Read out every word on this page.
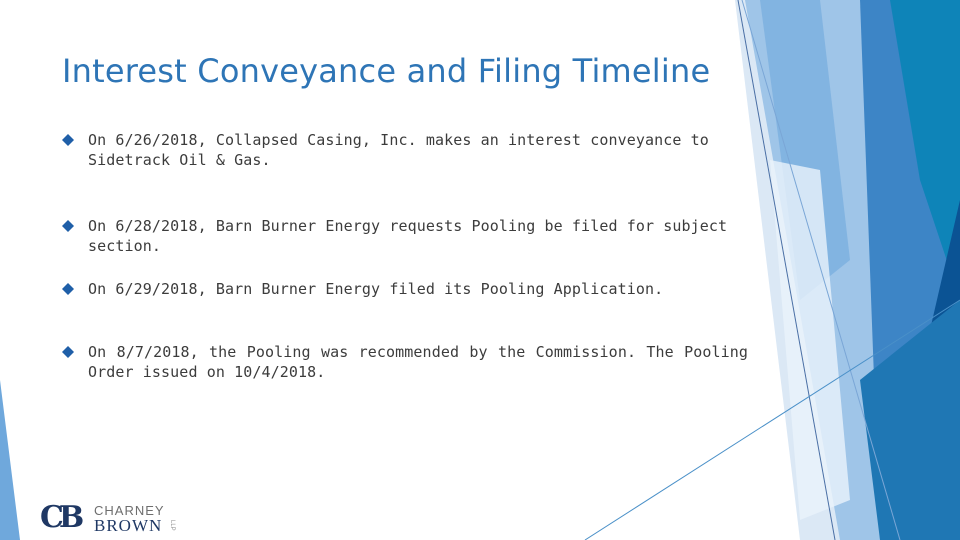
Interest Conveyance and Filing Timeline
On 6/26/2018, Collapsed Casing, Inc. makes an interest conveyance to Sidetrack Oil & Gas.
On 6/28/2018, Barn Burner Energy requests Pooling be filed for subject section.
On 6/29/2018, Barn Burner Energy filed its Pooling Application.
On 8/7/2018, the Pooling was recommended by the Commission. The Pooling Order issued on 10/4/2018.
CB CHARNEY
BROWN LLP
